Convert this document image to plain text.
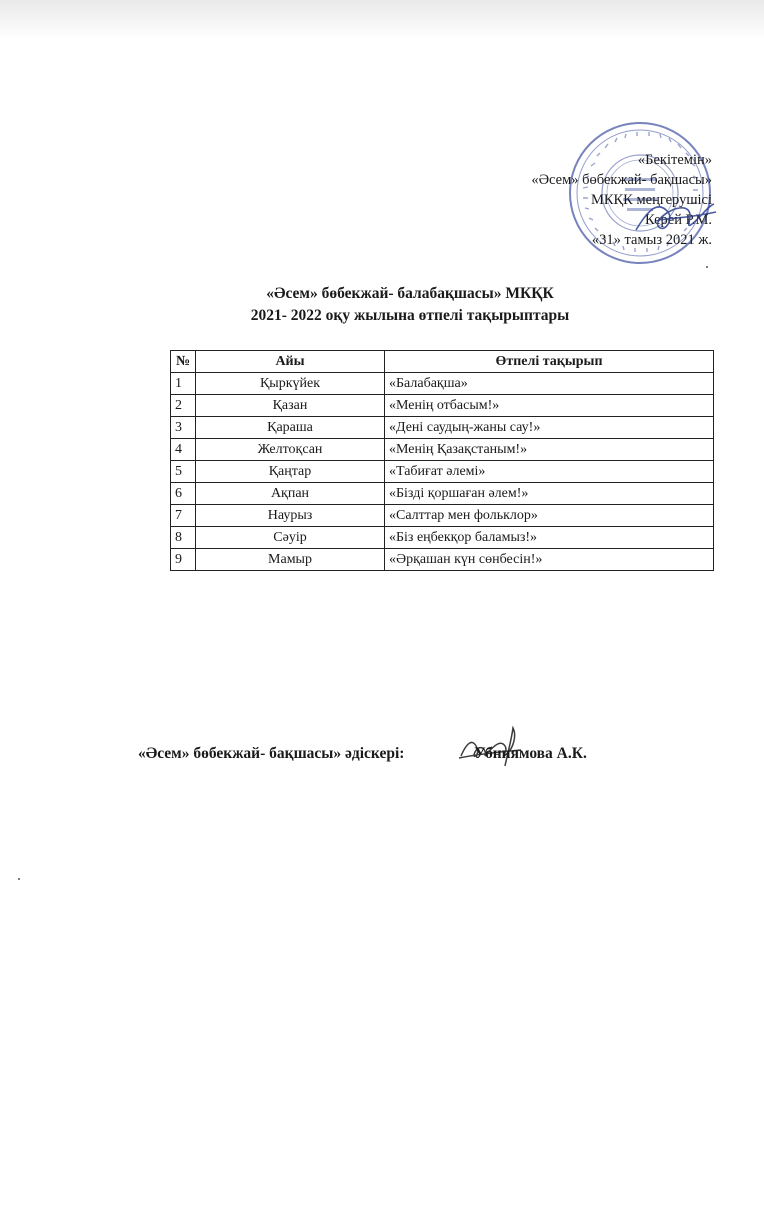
«Бекітемін»
«Әсем» бөбекжай- бақшасы»
МКҚК меңгерушісі
Керей Р.М.
«31» тамыз 2021 ж.
«Әсем» бөбекжай- балабақшасы» МКҚК
2021- 2022 оқу жылына өтпелі тақырыптары
№	Айы	Өтпелі тақырып
1	Қыркүйек	«Балабақша»
2	Қазан	«Менің отбасым!»
3	Қараша	«Дені саудың-жаны сау!»
4	Желтоқсан	«Менің Қазақстаным!»
5	Қаңтар	«Табиғат әлемі»
6	Ақпан	«Бізді қоршаған әлем!»
7	Наурыз	«Салттар мен фольклор»
8	Сәуір	«Біз еңбекқор баламыз!»
9	Мамыр	«Әрқашан күн сөнбесін!»
«Әсем» бөбекжай- бақшасы» әдіскері:	Убниямова А.К.
